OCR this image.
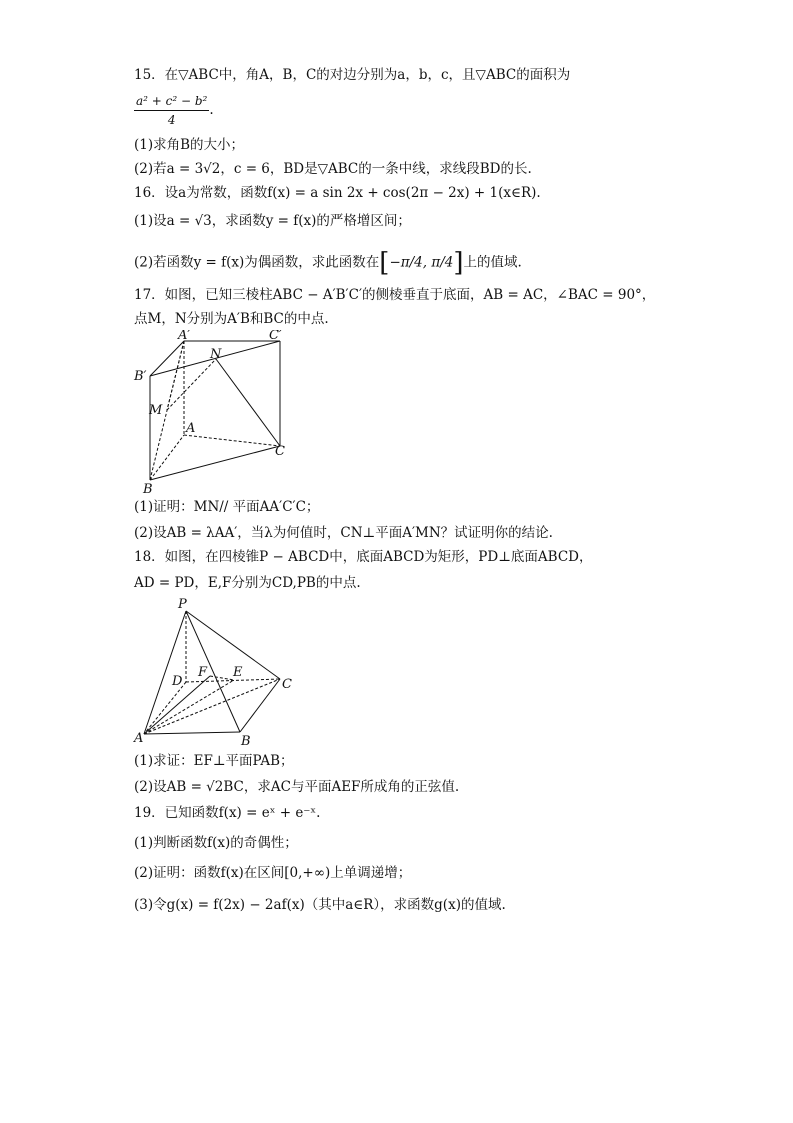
15．在▽ABC中，角A，B，C的对边分别为a，b，c，且▽ABC的面积为
$\frac{\text{a² + c² − b²}}{4}$ .
(1)求角B的大小；
(2)若a = 3√2，c = 6，BD是▽ABC的一条中线，求线段BD的长.
16．设a为常数，函数f(x) = a sin 2x + cos(2π − 2x) + 1(x∈R).
(1)设a = √3，求函数y = f(x)的严格增区间；
(2)若函数y = f(x)为偶函数，求此函数在[−π/4, π/4]上的值域.
17．如图，已知三棱柱ABC − A′B′C′的侧棱垂直于底面，AB = AC，∠BAC = 90°，
点M，N分别为A′B和BC的中点.
A′	C′
B′
N
M
A
C
B
(1)证明：MN// 平面AA′C′C；
(2)设AB = λAA′，当λ为何值时，CN⊥平面A′MN？试证明你的结论.
18．如图，在四棱锥P − ABCD中，底面ABCD为矩形，PD⊥底面ABCD，
AD = PD，E,F分别为CD,PB的中点.
P
D
F E
C
A	B
(1)求证：EF⊥平面PAB；
(2)设AB = √2BC，求AC与平面AEF所成角的正弦值.
19．已知函数f(x) = eˣ + e⁻ˣ.
(1)判断函数f(x)的奇偶性；
(2)证明：函数f(x)在区间[0,+∞)上单调递增；
(3)令g(x) = f(2x) − 2af(x)（其中a∈R），求函数g(x)的值域.
